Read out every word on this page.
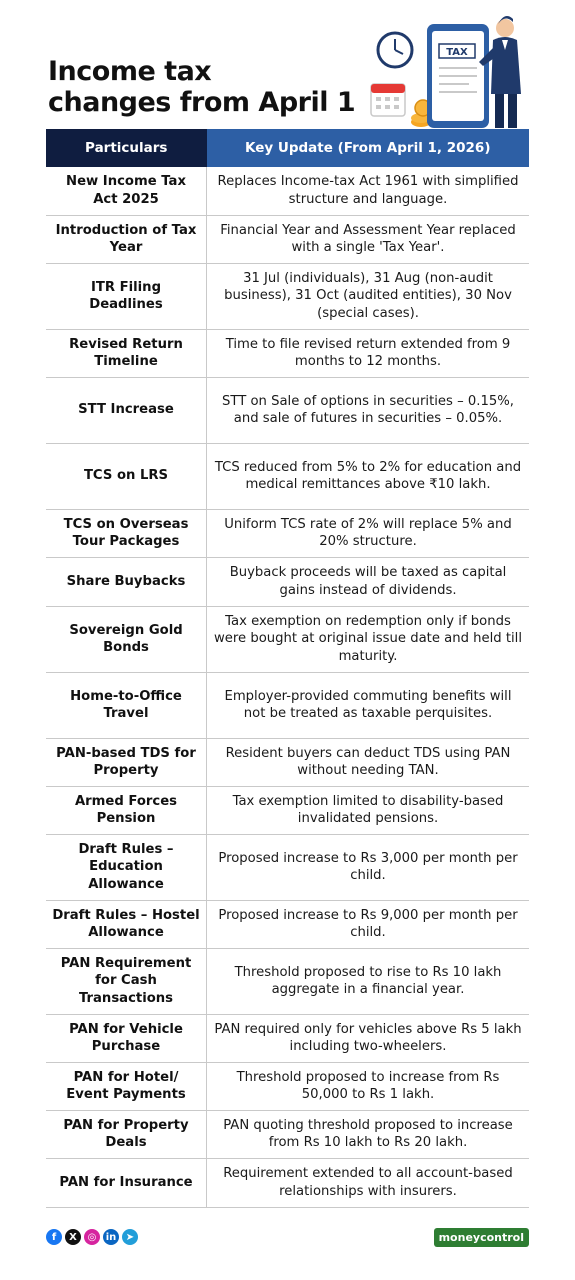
Income tax
changes from April 1
TAX
Particulars	Key Update (From April 1, 2026)
New Income Tax Act 2025	Replaces Income-tax Act 1961 with simplified structure and language.
Introduction of Tax Year	Financial Year and Assessment Year replaced with a single 'Tax Year'.
ITR Filing Deadlines	31 Jul (individuals), 31 Aug (non-audit business), 31 Oct (audited entities), 30 Nov (special cases).
Revised Return Timeline	Time to file revised return extended from 9 months to 12 months.
STT Increase	STT on Sale of options in securities – 0.15%, and sale of futures in securities – 0.05%.
TCS on LRS	TCS reduced from 5% to 2% for education and medical remittances above ₹10 lakh.
TCS on Overseas Tour Packages	Uniform TCS rate of 2% will replace 5% and 20% structure.
Share Buybacks	Buyback proceeds will be taxed as capital gains instead of dividends.
Sovereign Gold Bonds	Tax exemption on redemption only if bonds were bought at original issue date and held till maturity.
Home-to-Office Travel	Employer-provided commuting benefits will not be treated as taxable perquisites.
PAN-based TDS for Property	Resident buyers can deduct TDS using PAN without needing TAN.
Armed Forces Pension	Tax exemption limited to disability-based invalidated pensions.
Draft Rules – Education Allowance	Proposed increase to Rs 3,000 per month per child.
Draft Rules – Hostel Allowance	Proposed increase to Rs 9,000 per month per child.
PAN Requirement for Cash Transactions	Threshold proposed to rise to Rs 10 lakh aggregate in a financial year.
PAN for Vehicle Purchase	PAN required only for vehicles above Rs 5 lakh including two-wheelers.
PAN for Hotel/ Event Payments	Threshold proposed to increase from Rs 50,000 to Rs 1 lakh.
PAN for Property Deals	PAN quoting threshold proposed to increase from Rs 10 lakh to Rs 20 lakh.
PAN for Insurance	Requirement extended to all account-based relationships with insurers.
f	X	◎ in ➤	moneycontrol
